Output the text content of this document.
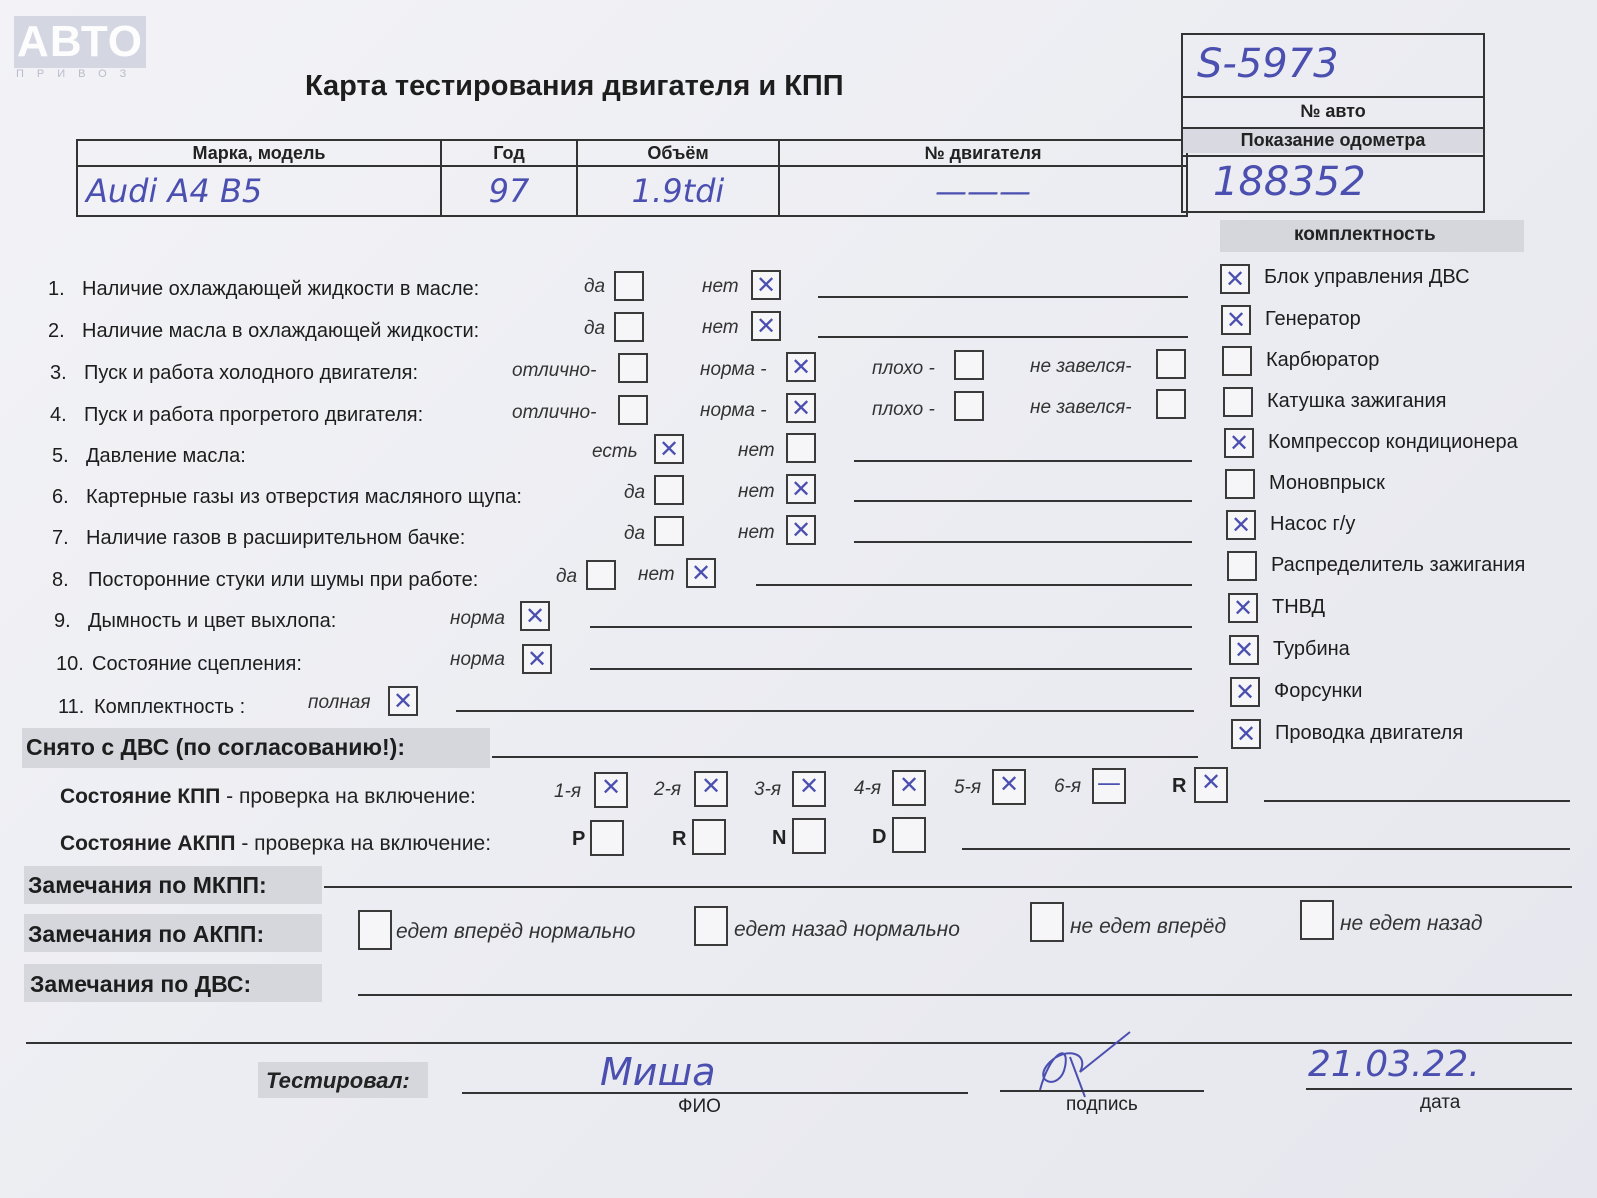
АВТО
ПРИВОЗ	Карта тестирования двигателя и КПП
Марка, модель	Год	Объём	№ двигателя
Audi A4 B5	97	1.9tdi	———
S-5973
№ авто
Показание одометра
188352
комплектность
1. Наличие охлаждающей жидкости в масле:	да	нет ✕
2. Наличие масла в охлаждающей жидкости:	да	нет ✕
3. Пуск и работа холодного двигателя:	отлично-	норма - ✕	плохо -	не завелся-
4. Пуск и работа прогретого двигателя:	отлично-	норма - ✕	плохо -	не завелся-
5. Давление масла:	есть ✕	нет
6. Картерные газы из отверстия масляного щупа:	да	нет ✕
7. Наличие газов в расширительном бачке:	да	нет ✕
8. Посторонние стуки или шумы при работе:	да	нет ✕
9. Дымность и цвет выхлопа:	норма ✕
10. Состояние сцепления:	норма ✕
11. Комплектность :	полная ✕
✕ Блок управления ДВС
✕ Генератор
Карбюратор
Катушка зажигания
✕ Компрессор кондиционера
Моновпрыск
✕ Насос г/у
Распределитель зажигания
✕ ТНВД
✕ Турбина
✕ Форсунки
✕ Проводка двигателя
Снято с ДВС (по согласованию!):
Состояние КПП - проверка на включение:	1-я ✕	2-я ✕	3-я ✕	4-я ✕	5-я ✕	6-я —	R ✕
Состояние АКПП - проверка на включение:	P	R	N	D
Замечания по МКПП:
Замечания по АКПП:	едет вперёд нормально	едет назад нормально	не едет вперёд	не едет назад
Замечания по ДВС:
Тестировал:	Миша
ФИО	подпись
21.03.22.
дата
